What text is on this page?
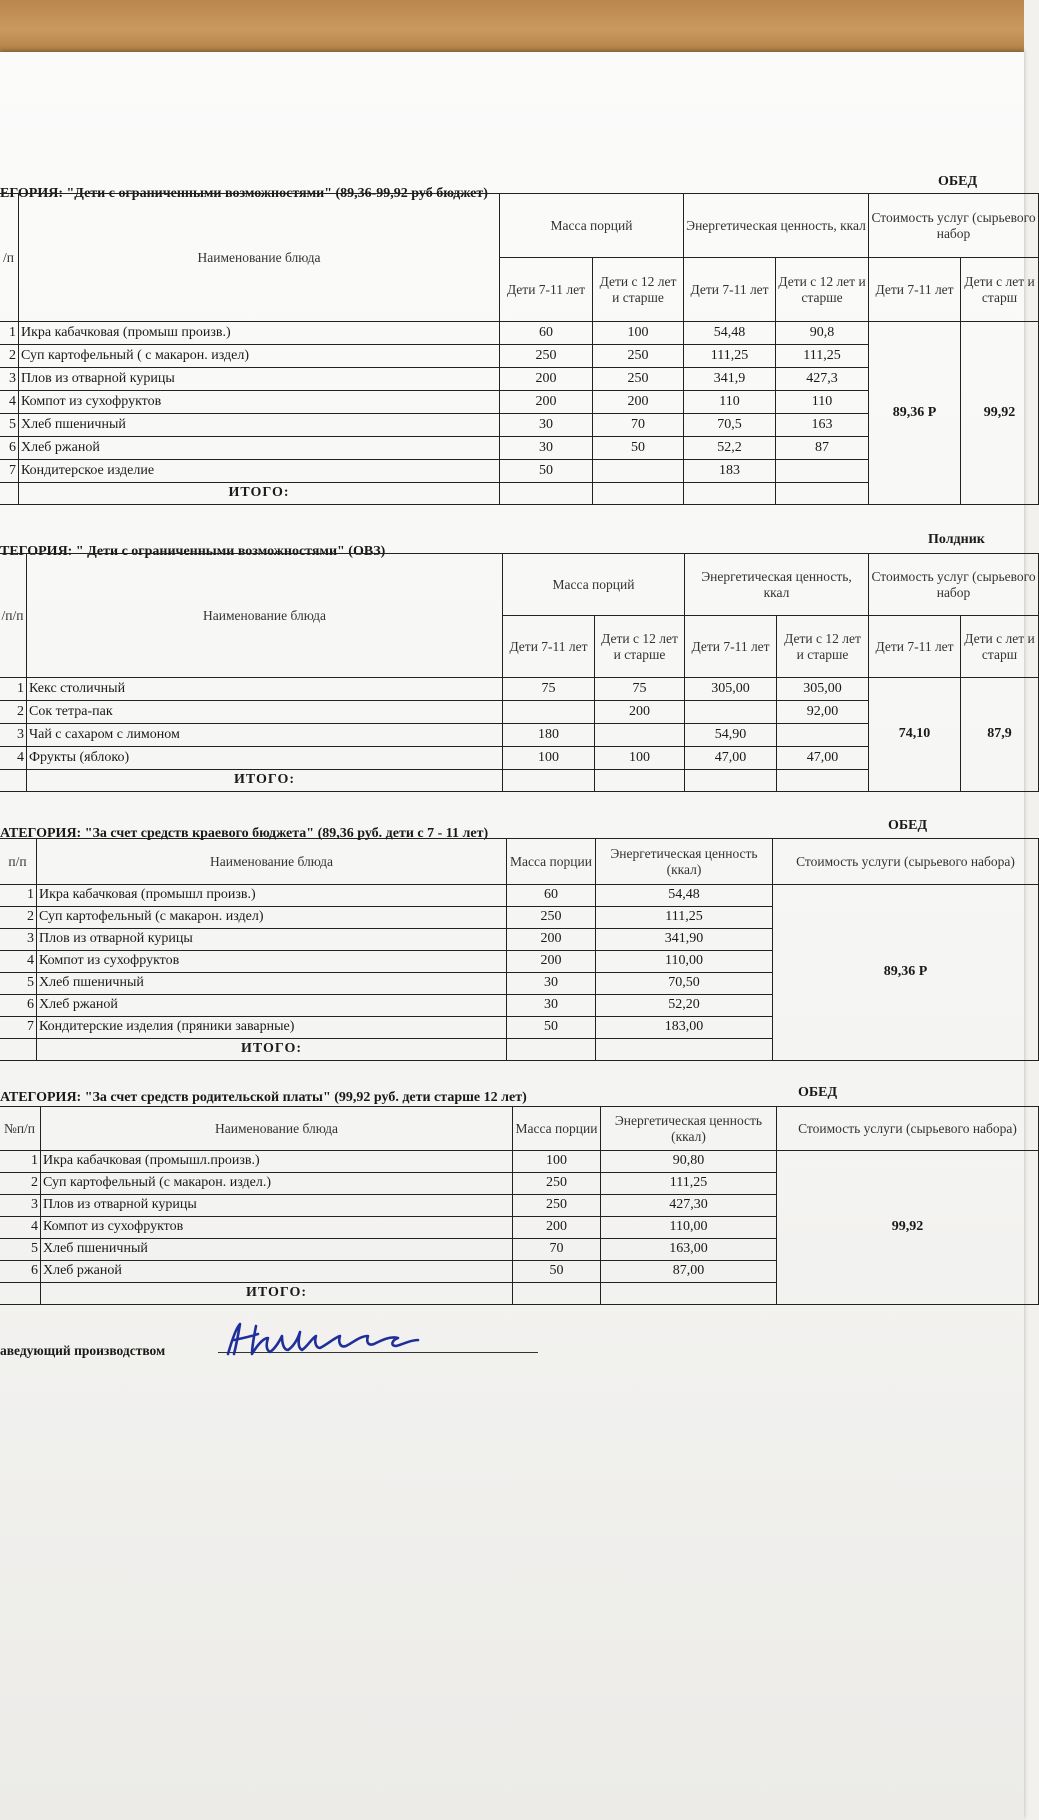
ЕГОРИЯ: "Дети с ограниченными возможностями" (89,36-99,92 руб бюджет)
ОБЕД
/п	Наименование блюда	Масса порций		Энергетическая ценность, ккал		Стоимость услуг (сырьевого набор	
		Дети 7-11 лет	Дети с 12 лет и старше	Дети 7-11 лет	Дети с 12 лет и старше	Дети 7-11 лет	Дети с лет и старш
1	Икра кабачковая (промыш произв.)	60	100	54,48	90,8	89,36 Р	99,92
2	Суп картофельный ( с макарон. издел)	250	250	111,25	111,25		
3	Плов из отварной курицы	200	250	341,9	427,3		
4	Компот из сухофруктов	200	200	110	110		
5	Хлеб пшеничный	30	70	70,5	163		
6	Хлеб ржаной	30	50	52,2	87		
7	Кондитерское изделие	50		183			
	ИТОГО:						
ТЕГОРИЯ: " Дети с ограниченными возможностями" (ОВЗ)
Полдник
/п/п	Наименование блюда	Масса порций		Энергетическая ценность, ккал		Стоимость услуг (сырьевого набор	
		Дети 7-11 лет	Дети с 12 лет и старше	Дети 7-11 лет	Дети с 12 лет и старше	Дети 7-11 лет	Дети с лет и старш
1	Кекс столичный	75	75	305,00	305,00	74,10	87,9
2	Сок тетра-пак		200		92,00		
3	Чай с сахаром с лимоном	180		54,90			
4	Фрукты (яблоко)	100	100	47,00	47,00		
	ИТОГО:						
АТЕГОРИЯ: "За счет средств краевого бюджета" (89,36 руб. дети с 7 - 11 лет)
ОБЕД
п/п	Наименование блюда	Масса порции	Энергетическая ценность (ккал)	Стоимость услуги (сырьевого набора)
1	Икра кабачковая (промышл произв.)	60	54,48	89,36 Р
2	Суп картофельный (с макарон. издел)	250	111,25	
3	Плов из отварной курицы	200	341,90	
4	Компот из сухофруктов	200	110,00	
5	Хлеб пшеничный	30	70,50	
6	Хлеб ржаной	30	52,20	
7	Кондитерские изделия (пряники заварные)	50	183,00	
	ИТОГО:			
АТЕГОРИЯ: "За счет средств родительской платы" (99,92 руб. дети старше 12 лет)	ОБЕД
№п/п	Наименование блюда	Масса порции	Энергетическая ценность (ккал)	Стоимость услуги (сырьевого набора)
1	Икра кабачковая (промышл.произв.)	100	90,80	99,92
2	Суп картофельный (с макарон. издел.)	250	111,25	
3	Плов из отварной курицы	250	427,30	
4	Компот из сухофруктов	200	110,00	
5	Хлеб пшеничный	70	163,00	
6	Хлеб ржаной	50	87,00	
	ИТОГО:			
аведующий производством
